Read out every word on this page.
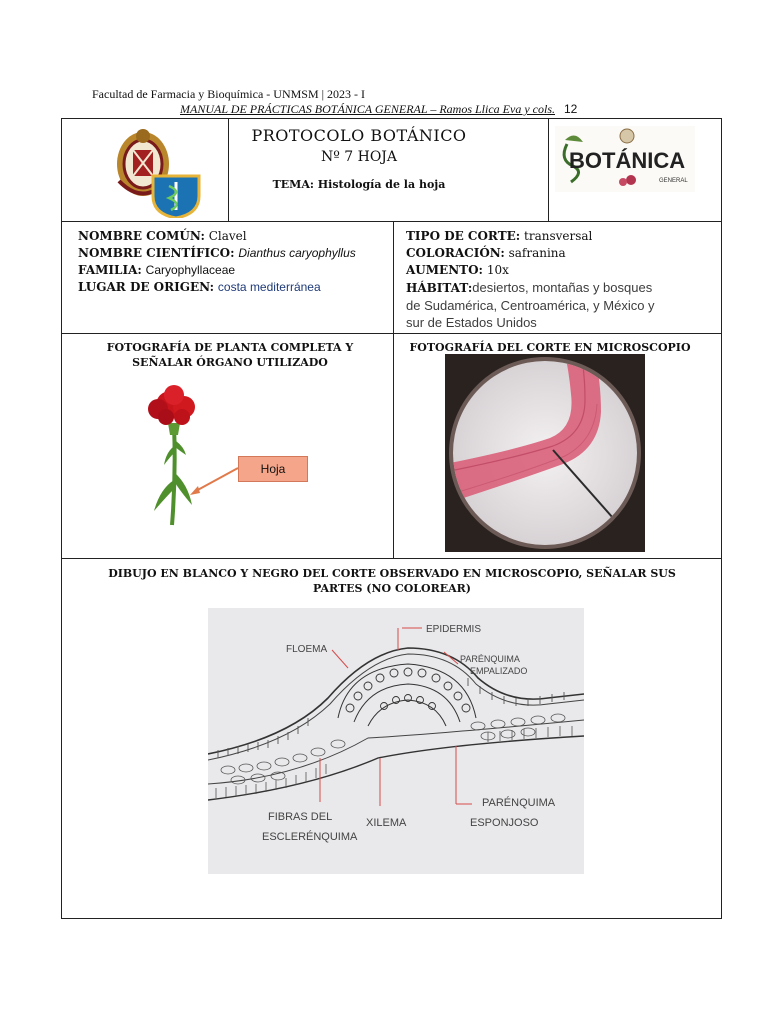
Facultad de Farmacia y Bioquímica - UNMSM | 2023 - I
MANUAL DE PRÁCTICAS BOTÁNICA GENERAL – Ramos Llica Eva y cols. 12
PROTOCOLO BOTÁNICO
Nº 7 HOJA
TEMA: Histología de la hoja
BOTÁNICA
GENERAL
NOMBRE COMÚN: Clavel
NOMBRE CIENTÍFICO: Dianthus caryophyllus
FAMILIA: Caryophyllaceae
LUGAR DE ORIGEN: costa mediterránea
TIPO DE CORTE: transversal
COLORACIÓN: safranina
AUMENTO: 10x
HÁBITAT:desiertos, montañas y bosques
de Sudamérica, Centroamérica, y México y
sur de Estados Unidos
FOTOGRAFÍA DE PLANTA COMPLETA Y
SEÑALAR ÓRGANO UTILIZADO
Hoja
FOTOGRAFÍA DEL CORTE EN MICROSCOPIO
DIBUJO EN BLANCO Y NEGRO DEL CORTE OBSERVADO EN MICROSCOPIO, SEÑALAR SUS
PARTES (NO COLOREAR)
EPIDERMIS
FLOEMA
PARÉNQUIMA
EMPALIZADO
FIBRAS DEL
ESCLERÉNQUIMA
XILEMA
PARÉNQUIMA
ESPONJOSO
